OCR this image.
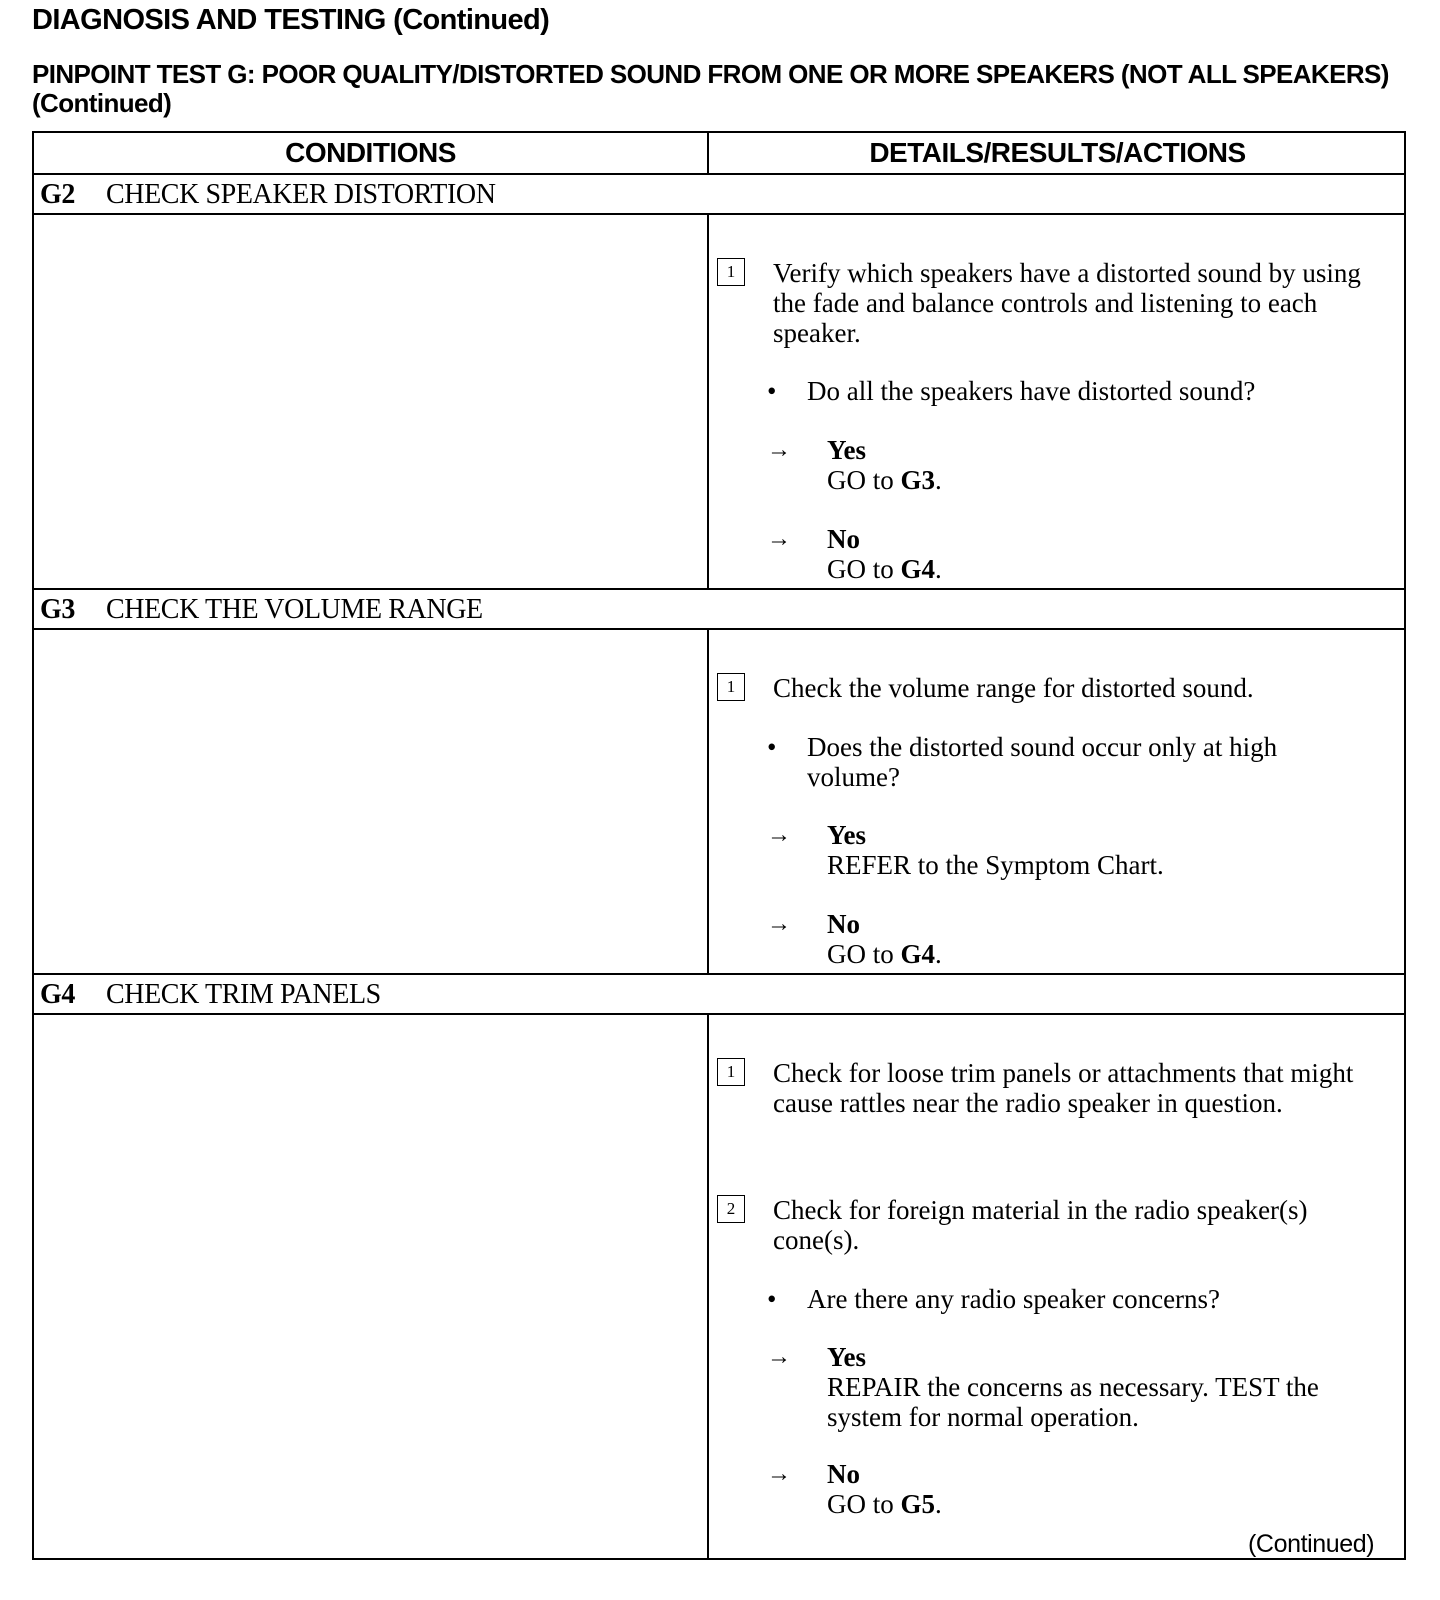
DIAGNOSIS AND TESTING (Continued)
PINPOINT TEST G: POOR QUALITY/DISTORTED SOUND FROM ONE OR MORE SPEAKERS (NOT ALL SPEAKERS) (Continued)
CONDITIONS	DETAILS/RESULTS/ACTIONS
G2 CHECK SPEAKER DISTORTION
1	Verify which speakers have a distorted sound by using the fade and balance controls and listening to each speaker.
• Do all the speakers have distorted sound?
→ Yes
GO to G3.
→ No
GO to G4.
G3 CHECK THE VOLUME RANGE
1	Check the volume range for distorted sound.
• Does the distorted sound occur only at high volume?
→ Yes
REFER to the Symptom Chart.
→ No
GO to G4.
G4 CHECK TRIM PANELS
1	Check for loose trim panels or attachments that might cause rattles near the radio speaker in question.
2	Check for foreign material in the radio speaker(s) cone(s).
• Are there any radio speaker concerns?
→ Yes
REPAIR the concerns as necessary. TEST the system for normal operation.
→ No
GO to G5.
(Continued)
